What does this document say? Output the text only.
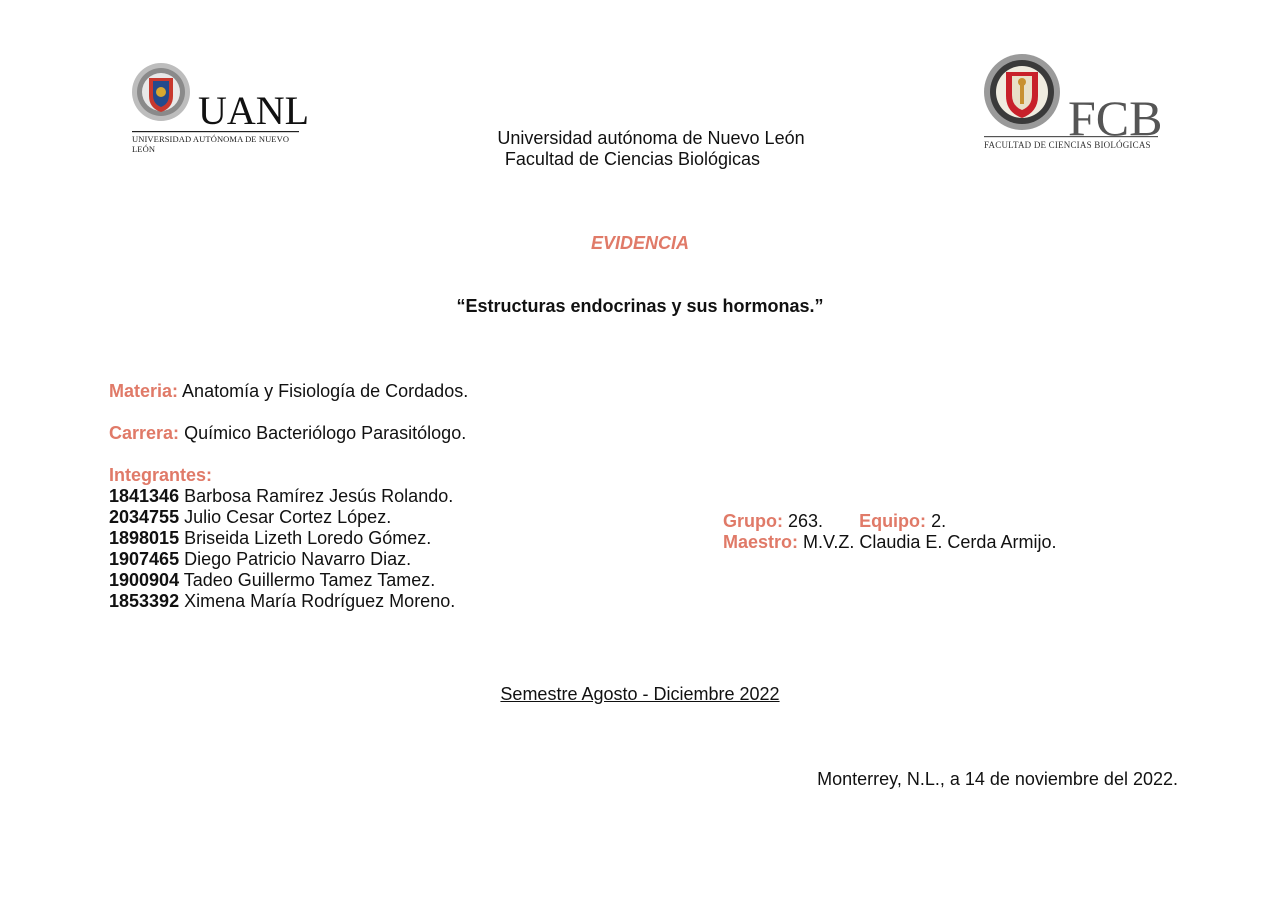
UANL
UNIVERSIDAD AUTÓNOMA DE NUEVO LEÓN
FCB
FACULTAD DE CIENCIAS BIOLÓGICAS
Universidad autónoma de Nuevo León
Facultad de Ciencias Biológicas
EVIDENCIA
“Estructuras endocrinas y sus hormonas.”
Materia: Anatomía y Fisiología de Cordados.
Carrera: Químico Bacteriólogo Parasitólogo.
Integrantes:
1841346 Barbosa Ramírez Jesús Rolando.
2034755 Julio Cesar Cortez López.
1898015 Briseida Lizeth Loredo Gómez.
1907465 Diego Patricio Navarro Diaz.
1900904 Tadeo Guillermo Tamez Tamez.
1853392 Ximena María Rodríguez Moreno.
Grupo: 263. Equipo: 2.
Maestro: M.V.Z. Claudia E. Cerda Armijo.
Semestre Agosto - Diciembre 2022
Monterrey, N.L., a 14 de noviembre del 2022.
